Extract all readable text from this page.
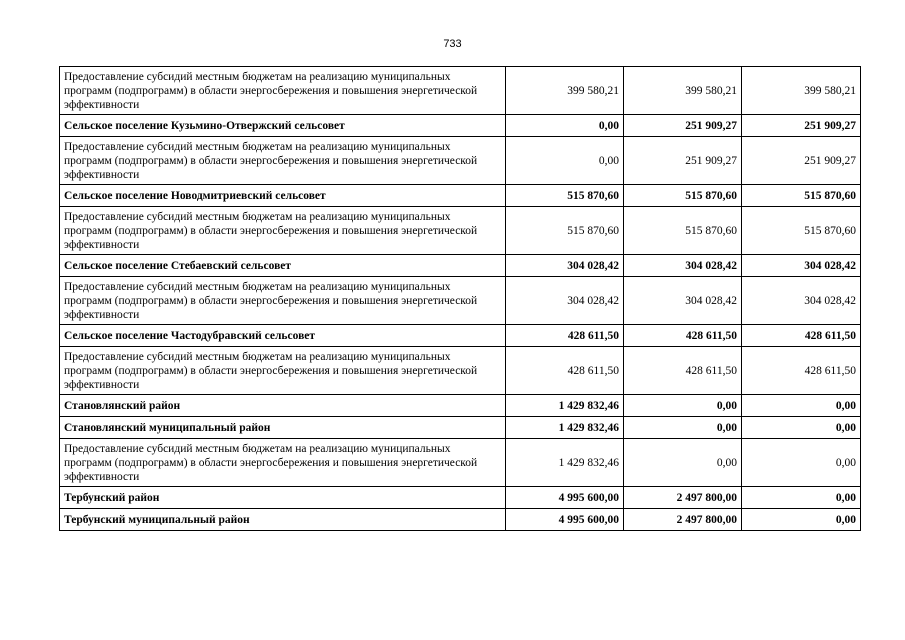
733
Предоставление субсидий местным бюджетам на реализацию муниципальных программ (подпрограмм) в области энергосбережения и повышения энергетической эффективности	399 580,21	399 580,21	399 580,21
Сельское поселение Кузьмино-Отвержский сельсовет	0,00	251 909,27	251 909,27
Предоставление субсидий местным бюджетам на реализацию муниципальных программ (подпрограмм) в области энергосбережения и повышения энергетической эффективности	0,00	251 909,27	251 909,27
Сельское поселение Новодмитриевский сельсовет	515 870,60	515 870,60	515 870,60
Предоставление субсидий местным бюджетам на реализацию муниципальных программ (подпрограмм) в области энергосбережения и повышения энергетической эффективности	515 870,60	515 870,60	515 870,60
Сельское поселение Стебаевский сельсовет	304 028,42	304 028,42	304 028,42
Предоставление субсидий местным бюджетам на реализацию муниципальных программ (подпрограмм) в области энергосбережения и повышения энергетической эффективности	304 028,42	304 028,42	304 028,42
Сельское поселение Частодубравский сельсовет	428 611,50	428 611,50	428 611,50
Предоставление субсидий местным бюджетам на реализацию муниципальных программ (подпрограмм) в области энергосбережения и повышения энергетической эффективности	428 611,50	428 611,50	428 611,50
Становлянский район	1 429 832,46	0,00	0,00
Становлянский муниципальный район	1 429 832,46	0,00	0,00
Предоставление субсидий местным бюджетам на реализацию муниципальных программ (подпрограмм) в области энергосбережения и повышения энергетической эффективности	1 429 832,46	0,00	0,00
Тербунский район	4 995 600,00	2 497 800,00	0,00
Тербунский муниципальный район	4 995 600,00	2 497 800,00	0,00
